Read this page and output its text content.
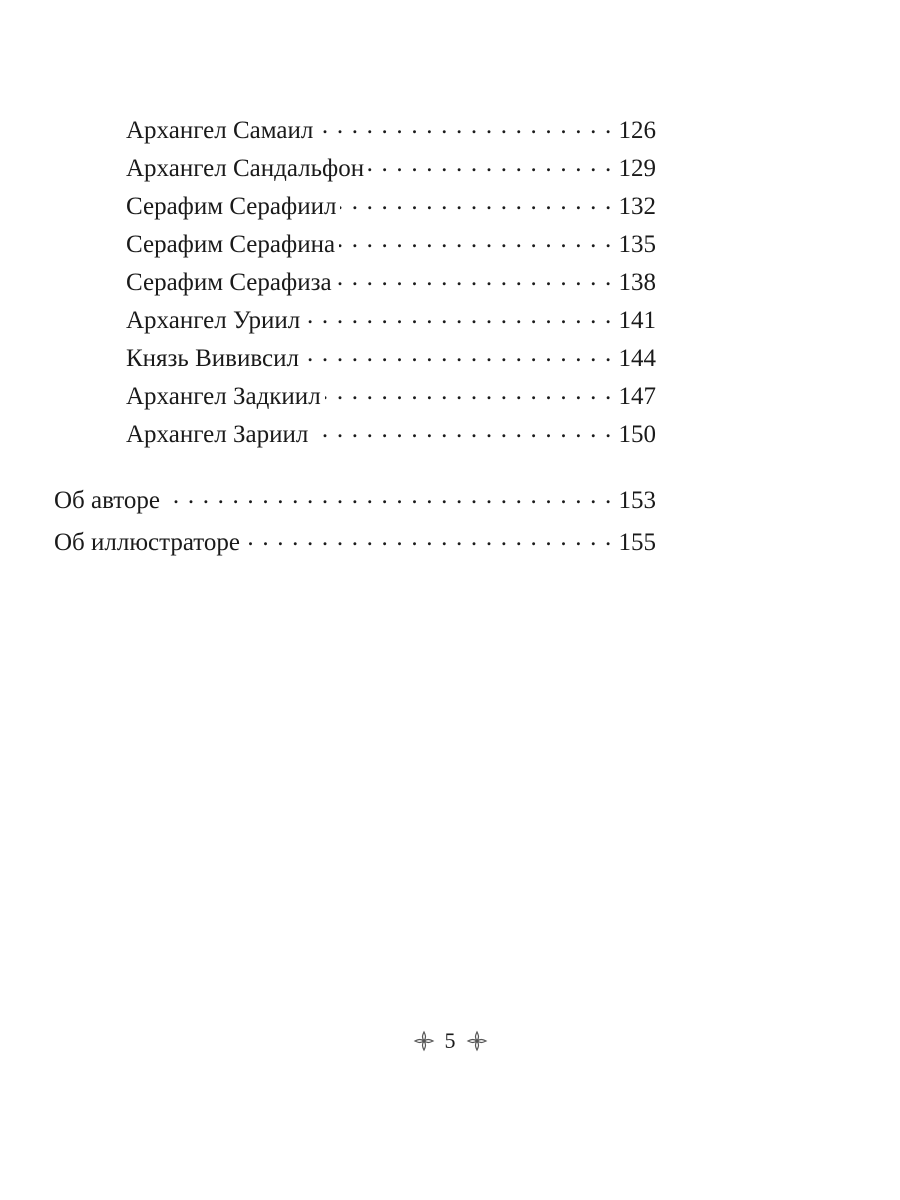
Архангел Самаил . . .	126
Архангел Сандальфон . . .	129
Серафим Серафиил . . .	132
Серафим Серафина . . .	135
Серафим Серафиза . . .	138
Архангел Уриил . . .	141
Князь Вививсил . . .	144
Архангел Задкиил . . .	147
Архангел Зариил . . .	150
Об авторе . . .	153
Об иллюстраторе . . .	155
5
